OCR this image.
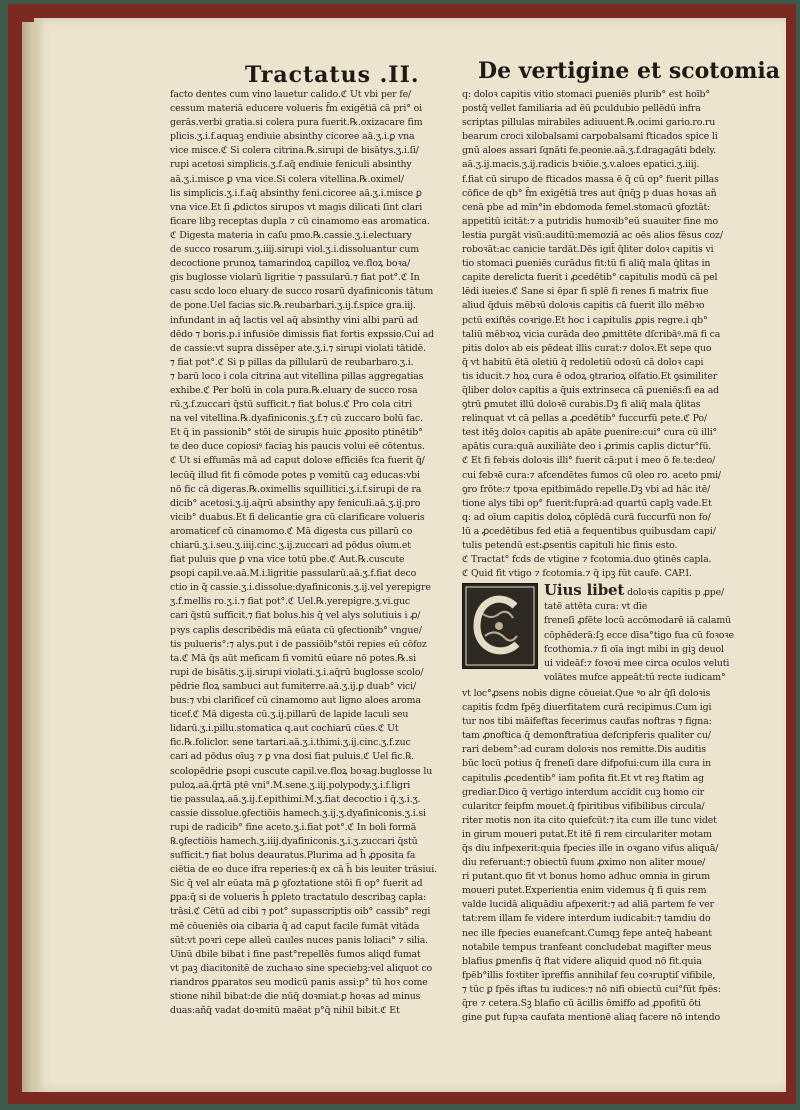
Tractatus .II.	De vertigine et scotomia
facto dentes cum vino lauetur calido.ℭ Ut vbi per fe/
cessum materiā educere volueris f̄m exigētiā cā pri° oi
gerās.verbi gratia.si colera pura fuerit.℞.oxizacare fim
plicis.ʒ.i.f.aquaꝫ endiuie absinthy cicoree aā.ʒ.i.ꝑ vna
vice misce.ℭ Si colera citrina.℞.sirupi de bisātys.ʒ.i.ſi/
rupi acetosi simplicis.ʒ.f.aq̄ endiuie feniculi absinthy
aā.ʒ.i.misce ꝑ vna vice.Si colera vitellina.℞.oximel/
lis simplicis.ʒ.i.f.aq̄ absinthy feni.cicoree aā.ʒ.i.misce ꝑ
vna vice.Et ſi ꝓdictos sirupos vt magis dilicati ſint clari
ficare libꝫ receptas dupla ⁊ cū cinamomo eas aromatica.
ℭ Digesta materia in caſu pmo.℞.cassie.ʒ.i.electuary
de succo rosarum.ʒ.iiij.sirupi viol.ʒ.i.dissoluantur cum
decoctione prunoꝝ tamarindoꝝ capilloꝝ ve.floꝝ boꝛa/
gis buglosse violarū ligritie ⁊ passularū.⁊ fiat pot°.ℭ In
casu scdo loco eluary de succo rosarū dyafiniconis tātum
de pone.Uel facias sic.℞.reubarbari.ʒ.ij.f.spice gra.iij.
infundant in aq̄ lactis vel aq̄ absinthy vini albi parū ad
dēdo ⁊ boris.p.i infusiōe dimissis fiat fortis expssio.Cui ad
de cassie:vt supra dissēper ate.ʒ.i.⁊ sirupi violati tātidē.
⁊ fiat pot°.ℭ Si p pillas da pillularū de reubarbaro.ʒ.i.
⁊ barū loco i cola citrina aut vitellina pillas aggregatias
exhibe.ℭ Per bolū in cola pura.℞.eluary de succo rosa
rū.ʒ.f.zuccari q̄stū sufficit.⁊ fiat bolus.ℭ Pro cola citri
na vel vitellina.℞.dyafiniconis.ʒ.f.⁊ cū zuccaro bolū fac.
Et q̄ in passionib° stōi de sirupis huic ꝓposito ptinētib°
te deo duce copiosiꝰ faciaꝫ his paucis volui eē cōtentus.
ℭ Ut si effumās mā ad caput doloꝛe efficiēs fca fuerit q̄/
lecūq̄ illud fit fi cōmode potes p vomitū caꝫ educas:vbi
nō fic cā digeras.℞.oximellis squillitici.ʒ.i.f.sirupi de ra
dicib° acetosi.ʒ.ij.aq̄rū absinthy apy feniculi.aā.ʒ.ij.pro
vicib° duabus.Et fi delicantie gra cū clarificare volueris
aromaticef cū cinamomo.ℭ Mā digesta cus pillarū co
chiarū.ʒ.i.seu.ʒ.iiij.cinc.ʒ.ij.zuccari ad pōdus oīum.et
fiat puluis que ꝑ vna vice totū pbe.ℭ Aut.℞.cuscute
ꝑsopi capil.ve.aā.M.i.ligritie passularū.aā.ʒ.f.fiat deco
ctio in q̄ cassie.ʒ.i.dissolue:dyafiniconis.ʒ.ij.vel yerepigre
ʒ.f.mellis ro.ʒ.i.⁊ fiat pot°.ℭ Uel.℞.yerepigre.ʒ.vi.guc
cari q̄stū sufficit.⁊ fiat bolus.his q̄ vel alys solutiuis i ꝓ/
pꝛys caplis describēdis mā eūata cū ꝯfectionib° vngue/
tis pulueris°:⁊ alys.put i de passiōib°stōi repies eū cōfoz
ta.ℭ Mā q̄s aūt meficam fi vomitū eūare nō potes.℞.si
rupi de bisātis.ʒ.ij.sirupi violati.ʒ.i.aq̄rū buglosse scolo/
pēdrie floꝝ sambuci aut fumiterre.aā.ʒ.ij.ꝑ duab° vici/
bus:⁊ vbi clarificef cū cinamomo aut ligno aloes aroma
ticef.ℭ Mā digesta cū.ʒ.ij.pillarū de lapide laculi seu
lidarū.ʒ.i.pillu.stomatica q.aut cochiarū cūes.ℭ Ut
fic.℞.foliclor. sene tartari.aā.ʒ.i.thimi.ʒ.ij.cinc.ʒ.f.zuc
cari ad pōdus oīuꝫ ⁊ ꝑ vna dosi fiat puluis.ℭ Uel fic.℞.
scolopēdrie ꝑsopi cuscute capil.ve.floꝝ boꝛag.buglosse lu
puloꝝ.aā.q̄rtā ptē vni°.M.sene.ʒ.iij.polypody.ʒ.i.f.ligri
tie passulaꝝ.aā.ʒ.ij.f.epithimi.M.ʒ.fiat decoctio i q̄.ʒ.i.ʒ.
cassie dissolue.ꝯfectiōis hamech.ʒ.ij.ʒ.dyafiniconis.ʒ.i.si
rupi de radicib° fine aceto.ʒ.i.fiat pot°.ℭ In boli formā
℞.ꝯfectiōis hamech.ʒ.iiij.dyafiniconis.ʒ.i.ʒ.zuccari q̄stū
sufficit.⁊ fiat bolus deauratus.Plurima ad h̄ ꝓposita fa
ciētia de eo duce ifra reperies:q̄ ex cā h̄ bis leuiter trāsiui.
Sic q̄ vel alr eūata mā ꝑ ꝯfoztatione stōi fi op° fuerit ad
ꝑpa:q̄ si de volueris h̄ ꝑpleto tractatulo describaꝫ capla:
trāsi.ℭ Cētū ad cibi ⁊ pot° supasscriptis oib° cassib° regi
mē cōueniēs oia cibaria q̄ ad caput facile fumāt vitāda
sūt:vt poꝛri cepe alleū caules nuces panis loliaci° ⁊ silia.
Uinū dbile bibat i fine past°repellēs fumos aliqd fumat
vt paꝫ diacitonitē de zuchaꝛo sine speciebꝫ:vel aliquot co
riandros ꝑparatos seu modicū panis assi:p° tū hoꝛ come
stione nihil bibat:de die nūq̄ doꝛmiat.ꝑ hoꝛas ad minus
duas:añq̄ vadat doꝛmitū maēat p°q̄ nihil bibit.ℭ Et
q: doloꝛ capitis vitio stomaci ꝑueniēs plurib° est hoīb°
postq̄ vellet familiaria ad ēū ꝑculdubio pellēdū infra
scriptas pillulas mirabiles adiuuent.℞.ocimi gario.ro.ru
bearum croci xilobalsami carpobalsami fticados spice li
gnū aloes assari ſqnāti fe.peonie.aā.ʒ.f.dragagāti bdely.
aā.ʒ.ij.macis.ʒ.ij.radicis bꝛiōie.ʒ.v.aloes epatici.ʒ.iiij.
f.fiat cū sirupo de fticados massa ē q̄ cū op° fuerit pillas
cōfice de qb° f̄m exigētiā tres aut q̄nq̄ꝫ p duas hoꝛas añ
cenā pbe ad mīn°in ebdomoda femel.stomacū ꝯfoztāt:
appetitū icitāt:⁊ a putridis humoꝛib°eū suauiter fine mo
lestia purgāt visū:auditū:memoziā ac oēs alios fēsus coz/
roboꝛāt:ac canicie tardāt.Dēs igit̄ q̄liter doloꝛ capitis vi
tio stomaci ꝑueniēs curādus fit:tū fi aliq̄ mala q̄litas in
capite derelicta fuerit i ꝓcedētib° capitulis modū cā pel
lēdi iueies.ℭ Sane si ēpar fi splē fi renes fi matrix fiue
aliud q̄duis mēbꝛū doloꝛis capitis cā fuerit illo mēbꝛo
pctū exiſtēs coꝛrige.Et hoc i capitulis ꝓpis regre.i qb°
taliū mēbꝛoꝝ vicia curāda deo ꝓmittēte dſcribāꝰ.mā fi ca
pitis doloꝛ ab eis pēdeat illis curat:⁊ doloꝛ.Et sepe quo
q̄ vt habitū ētā oletiū q̄ redoletiū odoꝛū cā doloꝛ capi
tis iducit.⁊ hoꝝ cura ē odoꝝ ꝯtrarioꝝ olfatio.Et ꝯsimiliter
q̄liber doloꝛ capitis a q̄uis extrinseca cā ꝑueniēs:fi ea ad
ꝯtrū ꝑmutet illū doloꝛē curabis.Dꝫ fi aliq̄ mala q̄litas
relinquat vt cā pellas a ꝓcedētib° fuccurfū pete.ℭ Po/
test itēꝫ doloꝛ capitis ab apāte ꝑuenire:cui° cura cū illi°
apātis cura:quā auxiliāte deo i ꝓrimis caplis dictur°fū.
ℭ Et fi febꝛis doloꝛis illi° fuerit cā:put i meo ō fe.te:deo/
cui febꝛē cura:⁊ afcendētes fumos cū oleo ro. aceto pmi/
ꝯro frōte:⁊ tpoꝛa epitbimādo repelle.Dꝫ vbi ad hāc itē/
tione alys tibi op° fuerit:fuprā:ad quartū caplꝫ vade.Et
q: ad oīum capitis doloꝝ cōplēdā curā fuccurfū non fo/
lū a ꝓcedētibus fed etiā a fequentibus quibusdam capi/
tulis petendū est:ꝓsentis capituli hic finis esto.
ℭ Tractat° fcds de vtigine ⁊ fcotomia.duo ꝯtinēs capla.
ℭ Quid fit vtigo ⁊ fcotomia.⁊ q̄ ipꝫ fūt caufe. CAP.I.
Uius libet doloꝛis capitis p ꝓpe/
tatē attēta cura: vt dīe
freneſi ꝓfēte locū accōmodarē iā calamū
cōphēderā:ſꝫ ecce dīsa°tigo fua cū foꝛoꝛe
fcothomia.⁊ fi oīa ingt mibi in giꝫ deuol
ui videāf:⁊ foꝛoꝛi mee circa oculos veluti
volātes mufce appeāt:tū recte iudicam°
vt loc°ꝓsens nobis digne cōueiat.Que ꝰo alr q̄ſi doloꝛis
capitis fcdm fpēꝫ diuerfitatem curā recipimus.Cum igi
tur nos tibi māifeftas fecerimus caufas noftras ⁊ figna:
tam ꝓnoftica q̄ demonftratiua defcripferis qualiter cu/
rari debem°:ad curam doloꝛis nos remitte.Dis auditis
būc locū potius q̄ freneſi dare difpofui:cum illa cura in
capitulis ꝓcedentib° iam pofita fit.Et vt reꝫ ftatim ag
grediar.Dico q̄ vertigo interdum accidit cuꝫ homo cir
cularitcr feipfm mouet.q̄ fpiritibus vifibilibus circula/
riter motis non ita cito quiefcūt:⁊ ita cum ille tunc videt
in girum moueri putat.Et itē fi rem circulariter motam
q̄s diu infpexerit:quia fpecies ille in oꝛgano vifus aliquā/
diu referuant:⁊ obiectū fuum ꝓximo non aliter moue/
ri putant.quo fit vt bonus homo adhuc omnia in girum
moueri putet.Experientia enim videmus q̄ fi quis rem
valde lucidā aliquādiu afpexerit:⁊ ad aliā partem fe ver
tat:rem illam fe videre interdum iudicabit:⁊ tamdiu do
nec ille fpecies euanefcant.Cumqꝫ fepe anteq̄ habeant
notabile tempus tranfeant concludebat magifter meus
blafius ꝑmenfis q̄ ftat videre aliquid quod nō fit.quia
fpēb°illis foꝛtiter īpreffis annihilaf feu coꝛruptiſ vifibile,
⁊ tūc ꝑ fpēs iftas tu iudices:⁊ nō nifi obiectū cui°fūt fpēs:
q̄re ⁊ cetera.Sꝫ blafio cū ācillis ōmiffo ad ꝓpofitū ōti
gine ꝑut fupꝛa caufata mentionē aliaq facere nō intendo
